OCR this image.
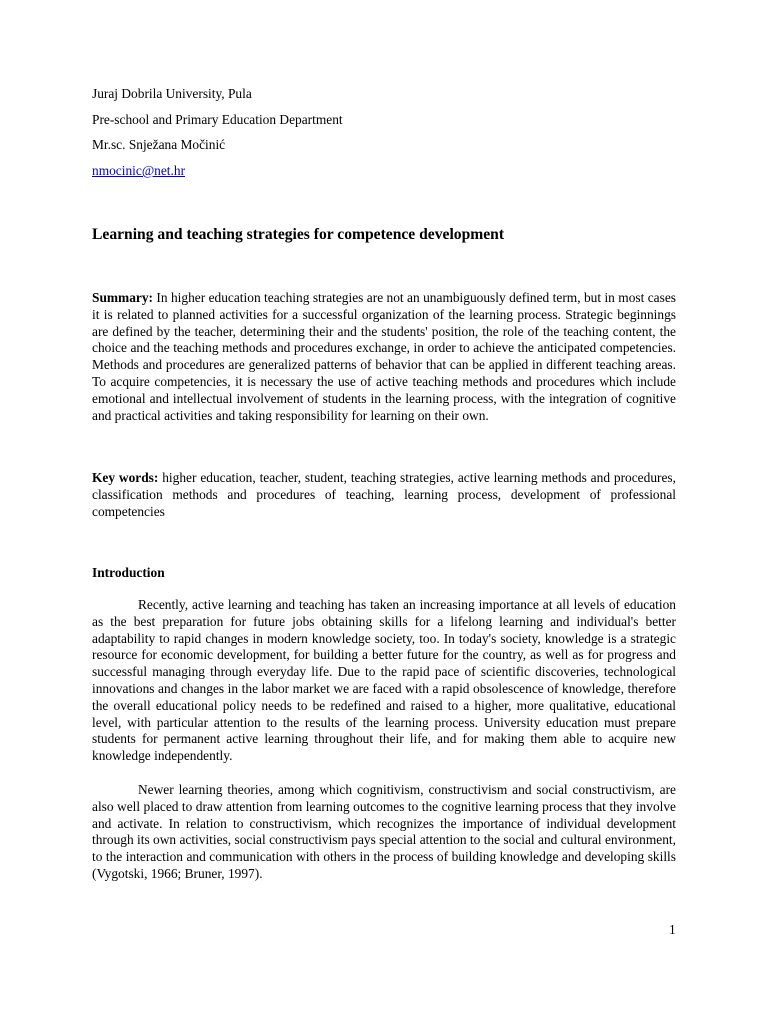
Juraj Dobrila University, Pula
Pre-school and Primary Education Department
Mr.sc. Snježana Močinić
nmocinic@net.hr
Learning and teaching strategies for competence development

Summary: In higher education teaching strategies are not an unambiguously defined term, but in most cases it is related to planned activities for a successful organization of the learning process. Strategic beginnings are defined by the teacher, determining their and the students' position, the role of the teaching content, the choice and the teaching methods and procedures exchange, in order to achieve the anticipated competencies. Methods and procedures are generalized patterns of behavior that can be applied in different teaching areas. To acquire competencies, it is necessary the use of active teaching methods and procedures which include emotional and intellectual involvement of students in the learning process, with the integration of cognitive and practical activities and taking responsibility for learning on their own.

Key words: higher education, teacher, student, teaching strategies, active learning methods and procedures, classification methods and procedures of teaching, learning process, development of professional competencies

Introduction

Recently, active learning and teaching has taken an increasing importance at all levels of education as the best preparation for future jobs obtaining skills for a lifelong learning and individual's better adaptability to rapid changes in modern knowledge society, too. In today's society, knowledge is a strategic resource for economic development, for building a better future for the country, as well as for progress and successful managing through everyday life. Due to the rapid pace of scientific discoveries, technological innovations and changes in the labor market we are faced with a rapid obsolescence of knowledge, therefore the overall educational policy needs to be redefined and raised to a higher, more qualitative, educational level, with particular attention to the results of the learning process. University education must prepare students for permanent active learning throughout their life, and for making them able to acquire new knowledge independently.

Newer learning theories, among which cognitivism, constructivism and social constructivism, are also well placed to draw attention from learning outcomes to the cognitive learning process that they involve and activate. In relation to constructivism, which recognizes the importance of individual development through its own activities, social constructivism pays special attention to the social and cultural environment, to the interaction and communication with others in the process of building knowledge and developing skills (Vygotski, 1966; Bruner, 1997).

1
